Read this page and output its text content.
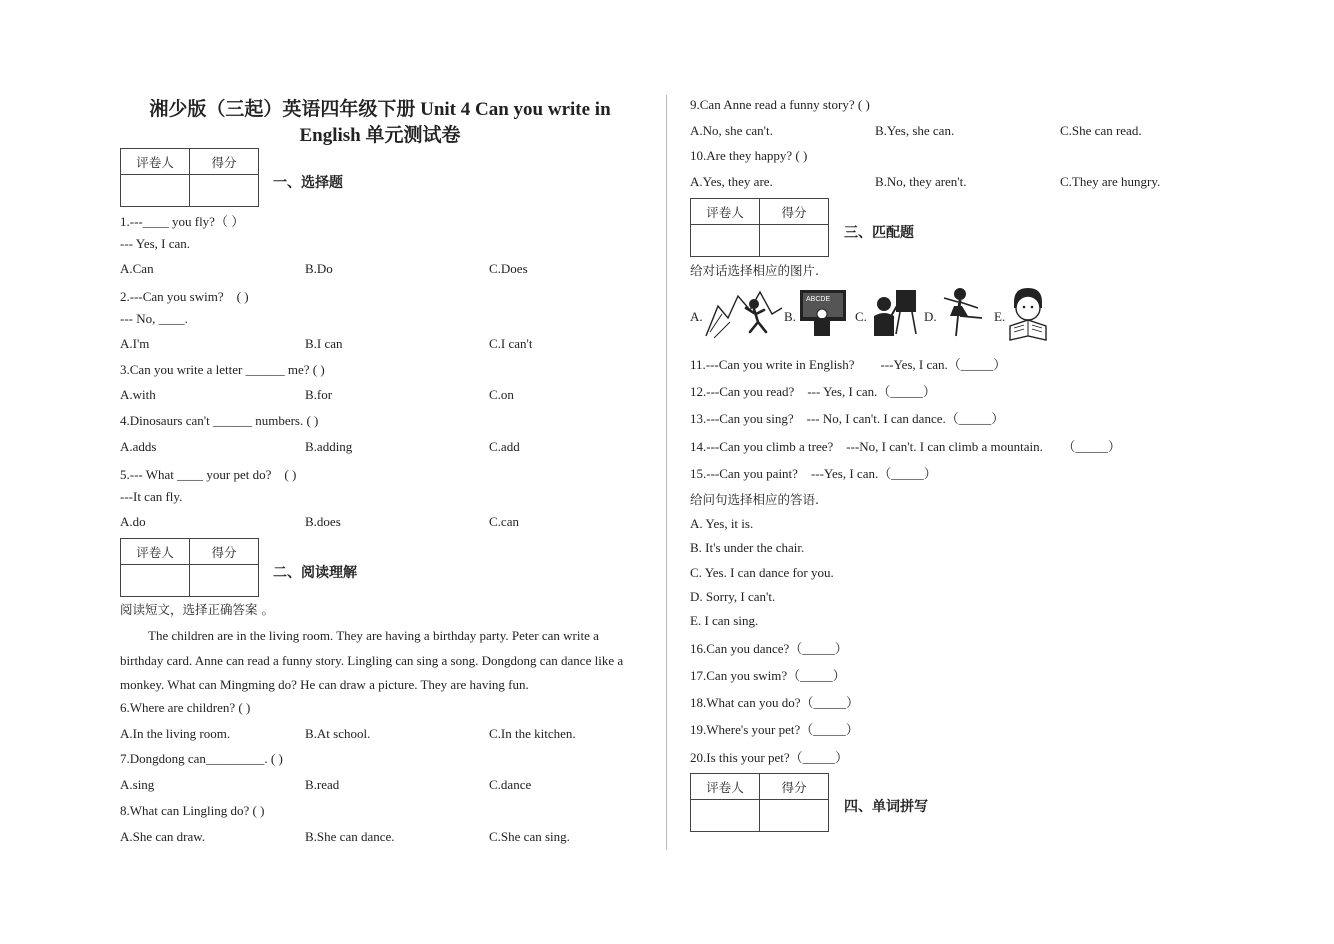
湘少版（三起）英语四年级下册 Unit 4 Can you write in
English 单元测试卷
评卷人	得分

一、选择题
1.---____ you fly?（ ）
--- Yes, I can.
A.Can	B.Do	C.Does
2.---Can you swim?　( )
--- No, ____.
A.I'm	B.I can	C.I can't
3.Can you write a letter ______ me? ( )
A.with	B.for	C.on
4.Dinosaurs can't ______ numbers. ( )
A.adds	B.adding	C.add
5.--- What ____ your pet do?　( )
---It can fly.
A.do	B.does	C.can
评卷人	得分

二、阅读理解
阅读短文，选择正确答案 。
The children are in the living room. They are having a birthday party. Peter can write a birthday card. Anne can read a funny story. Lingling can sing a song. Dongdong can dance like a monkey. What can Mingming do? He can draw a picture. They are having fun.
6.Where are children? ( )
A.In the living room.	B.At school.	C.In the kitchen.
7.Dongdong can_________. ( )
A.sing	B.read	C.dance
8.What can Lingling do? ( )
A.She can draw.	B.She can dance.	C.She can sing.
9.Can Anne read a funny story? ( )
A.No, she can't.	B.Yes, she can.	C.She can read.
10.Are they happy? ( )
A.Yes, they are.	B.No, they aren't.	C.They are hungry.
评卷人	得分

三、匹配题
给对话选择相应的图片.
A.	B.
ABCDE
C.	D.	E.
11.---Can you write in English?　　---Yes, I can.（_____）
12.---Can you read?　--- Yes, I can.（_____）
13.---Can you sing?　--- No, I can't. I can dance.（_____）
14.---Can you climb a tree?　---No, I can't. I can climb a mountain.　　（_____）
15.---Can you paint?　---Yes, I can.（_____）
给问句选择相应的答语.
A. Yes, it is.
B. It's under the chair.
C. Yes. I can dance for you.
D. Sorry, I can't.
E. I can sing.
16.Can you dance?（_____）
17.Can you swim?（_____）
18.What can you do?（_____）
19.Where's your pet?（_____）
20.Is this your pet?（_____）
评卷人	得分

四、单词拼写
